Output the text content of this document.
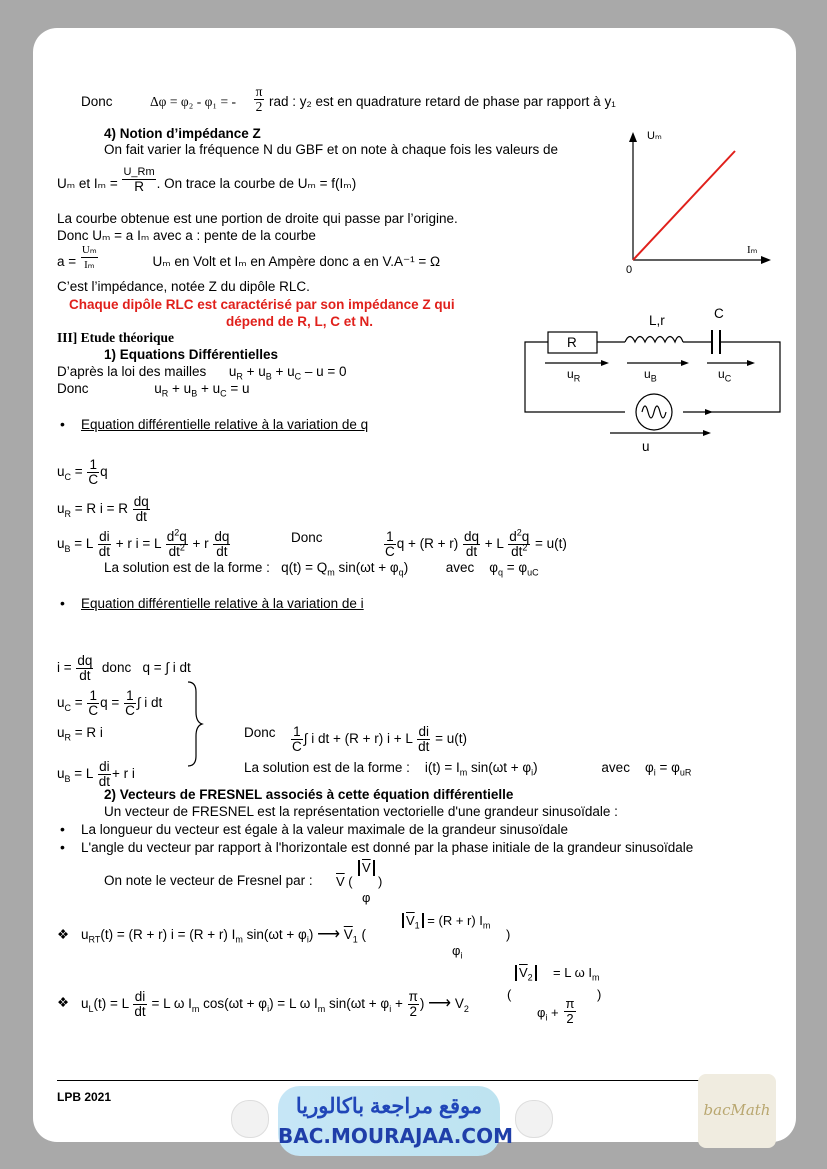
Donc	Δφ = φ₂ - φ₁ = -
π
2 rad : y₂ est en quadrature retard de phase par rapport à y₁
4) Notion d’impédance Z
On fait varier la fréquence N du GBF et on note à chaque fois les valeurs de
Uₘ et $I_m = \frac{U\_Rm}{R}$ . On trace la courbe de Uₘ = f(Iₘ)
La courbe obtenue est une portion de droite qui passe par l’origine.
Donc Uₘ = a Iₘ avec a : pente de la courbe
$a = \frac{\text{Uₘ}}{\text{Iₘ}}$	Uₘ en Volt et Iₘ en Ampère donc a en V.A⁻¹ = Ω
C’est l’impédance, notée Z du dipôle RLC.
Chaque dipôle RLC est caractérisé par son impédance Z qui
dépend de R, L, C et N.
Uₘ
Iₘ
0
R
L,r	C
$u_R$	$u_B$	$u_C$
u
III] Etude théorique
1) Equations Différentielles
D’après la loi des mailles      $u_R + u_B + u_C - u = 0$
Donc	$u_R + u_B + u_C = u$
• Equation différentielle relative à la variation de q
$u_C = \frac{1}{C}$ q
$u_R = R$ i = R $\frac{dq}{dt}$
$u_B = L \frac{di}{dt} + r$ i = L $\frac{d^2q}{dt^2} + r \frac{dq}{dt}$	Donc	$\frac{1}{C}$ $q + (R + r) \frac{dq}{dt} + L \frac{d^2q}{dt^2} = u(t)$
La solution est de la forme :   $q(t) = Q_m$ $\sin(\omega t + \varphi_q)$          avec    $\varphi_q = \varphi_{uC}$
• Equation différentielle relative à la variation de i
$i = \frac{dq}{dt}$ donc   q = ∫ i dt
$u_C = \frac{1}{C}$ $q = \frac{1}{C}$ ∫ i dt
$u_R = R$ i
$u_B = L \frac{di}{dt} + r$ i
Donc $\frac{1}{C}$ ∫ i dt + (R + r) i + L $\frac{di}{dt} = u(t)$
La solution est de la forme :    $i(t) = I_m$ $\sin(\omega t + \varphi_i)$	avec    $\varphi_i = \varphi_{uR}$
2) Vecteurs de FRESNEL associés à cette équation différentielle
Un vecteur de FRESNEL est la représentation vectorielle d'une grandeur sinusoïdale :
• La longueur du vecteur est égale à la valeur maximale de la grandeur sinusoïdale
• L'angle du vecteur par rapport à l'horizontale est donné par la phase initiale de la grandeur sinusoïdale
On note le vecteur de Fresnel par : $\overline{V}$ (
$\overline{V}$
)
φ
❖ $u_{RT}(t) = (R + r) i = (R + r)$ $I_m$ $\sin(\omega t + \varphi_i)$ ⟶ $\overline{V}_1$ (
$\overline{V}_1 = (R + r)$ $I_m$
)
$\varphi_i$
❖ $u_L(t) = L \frac{di}{dt} = L$ ω $I_m$ $\cos(\omega t + \varphi_i) = L$ ω $I_m$ $\sin(\omega t + \varphi_i + \frac{\pi}{2}$ ) ⟶ $V_2$
(
$\overline{V}_2$	= L ω $I_m$
)
$\varphi_i$ +
π
2
LPB 2021	موقع مراجعة باكالوريا
BAC.MOURAJAA.COM
bacMath
